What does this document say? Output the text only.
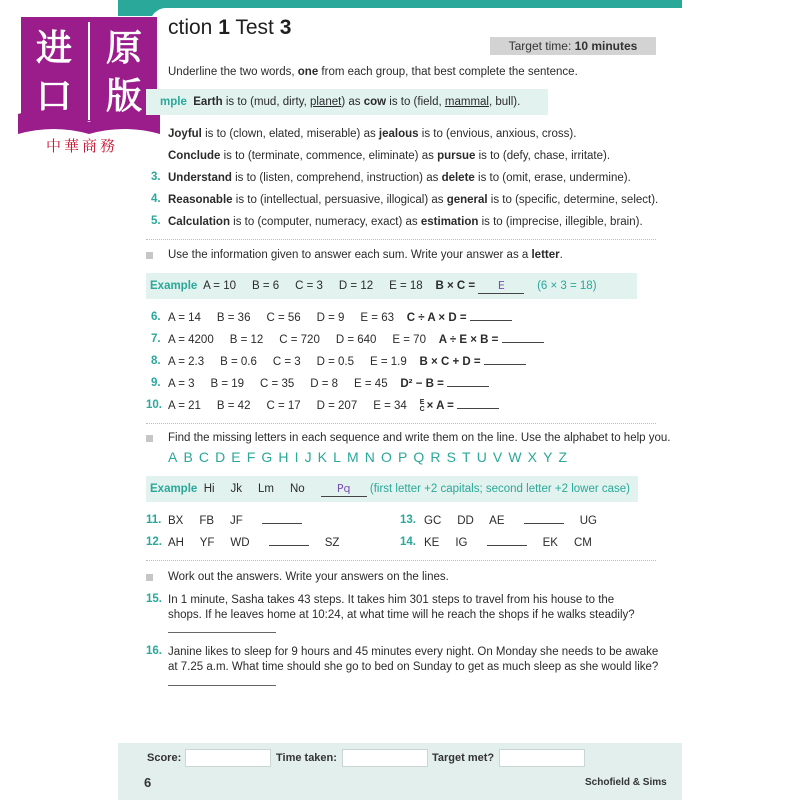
ction 1 Test 3
Target time: 10 minutes
进 原
口 版
中華商務
Underline the two words, one from each group, that best complete the sentence.
mple Earth is to (mud, dirty, planet) as cow is to (field, mammal, bull).
Joyful is to (clown, elated, miserable) as jealous is to (envious, anxious, cross).
Conclude is to (terminate, commence, eliminate) as pursue is to (defy, chase, irritate).
3. Understand is to (listen, comprehend, instruction) as delete is to (omit, erase, undermine).
4. Reasonable is to (intellectual, persuasive, illogical) as general is to (specific, determine, select).
5. Calculation is to (computer, numeracy, exact) as estimation is to (imprecise, illegible, brain).
Use the information given to answer each sum. Write your answer as a letter.
Example A = 10     B = 6     C = 3     D = 12     E = 18 B × C = E	(6 × 3 = 18)
6. A = 14     B = 36     C = 56     D = 9     E = 63 C ÷ A × D =
7. A = 4200     B = 12     C = 720     D = 640     E = 70 A ÷ E × B =
8. A = 2.3     B = 0.6     C = 3     D = 0.5     E = 1.9 B × C + D =
9. A = 3     B = 19     C = 35     D = 8     E = 45 D² − B =
10. A = 21     B = 42     C = 17     D = 207     E = 34 E
C × A =
Find the missing letters in each sequence and write them on the line. Use the alphabet to help you.
ABCDEFGHIJKLMNOPQRSTUVWXYZ
Example Hi     Jk     Lm     No	Pq (first letter +2 capitals; second letter +2 lower case)
11. BX     FB     JF
12. AH     YF     WD	SZ
13. GC     DD     AE	UG
14. KE     IG	EK     CM
Work out the answers. Write your answers on the lines.
15. In 1 minute, Sasha takes 43 steps. It takes him 301 steps to travel from his house to the
shops. If he leaves home at 10:24, at what time will he reach the shops if he walks steadily?
16. Janine likes to sleep for 9 hours and 45 minutes every night. On Monday she needs to be awake
at 7.25 a.m. What time should she go to bed on Sunday to get as much sleep as she would like?
Score:	Time taken:	Target met?
6	Schofield & Sims
